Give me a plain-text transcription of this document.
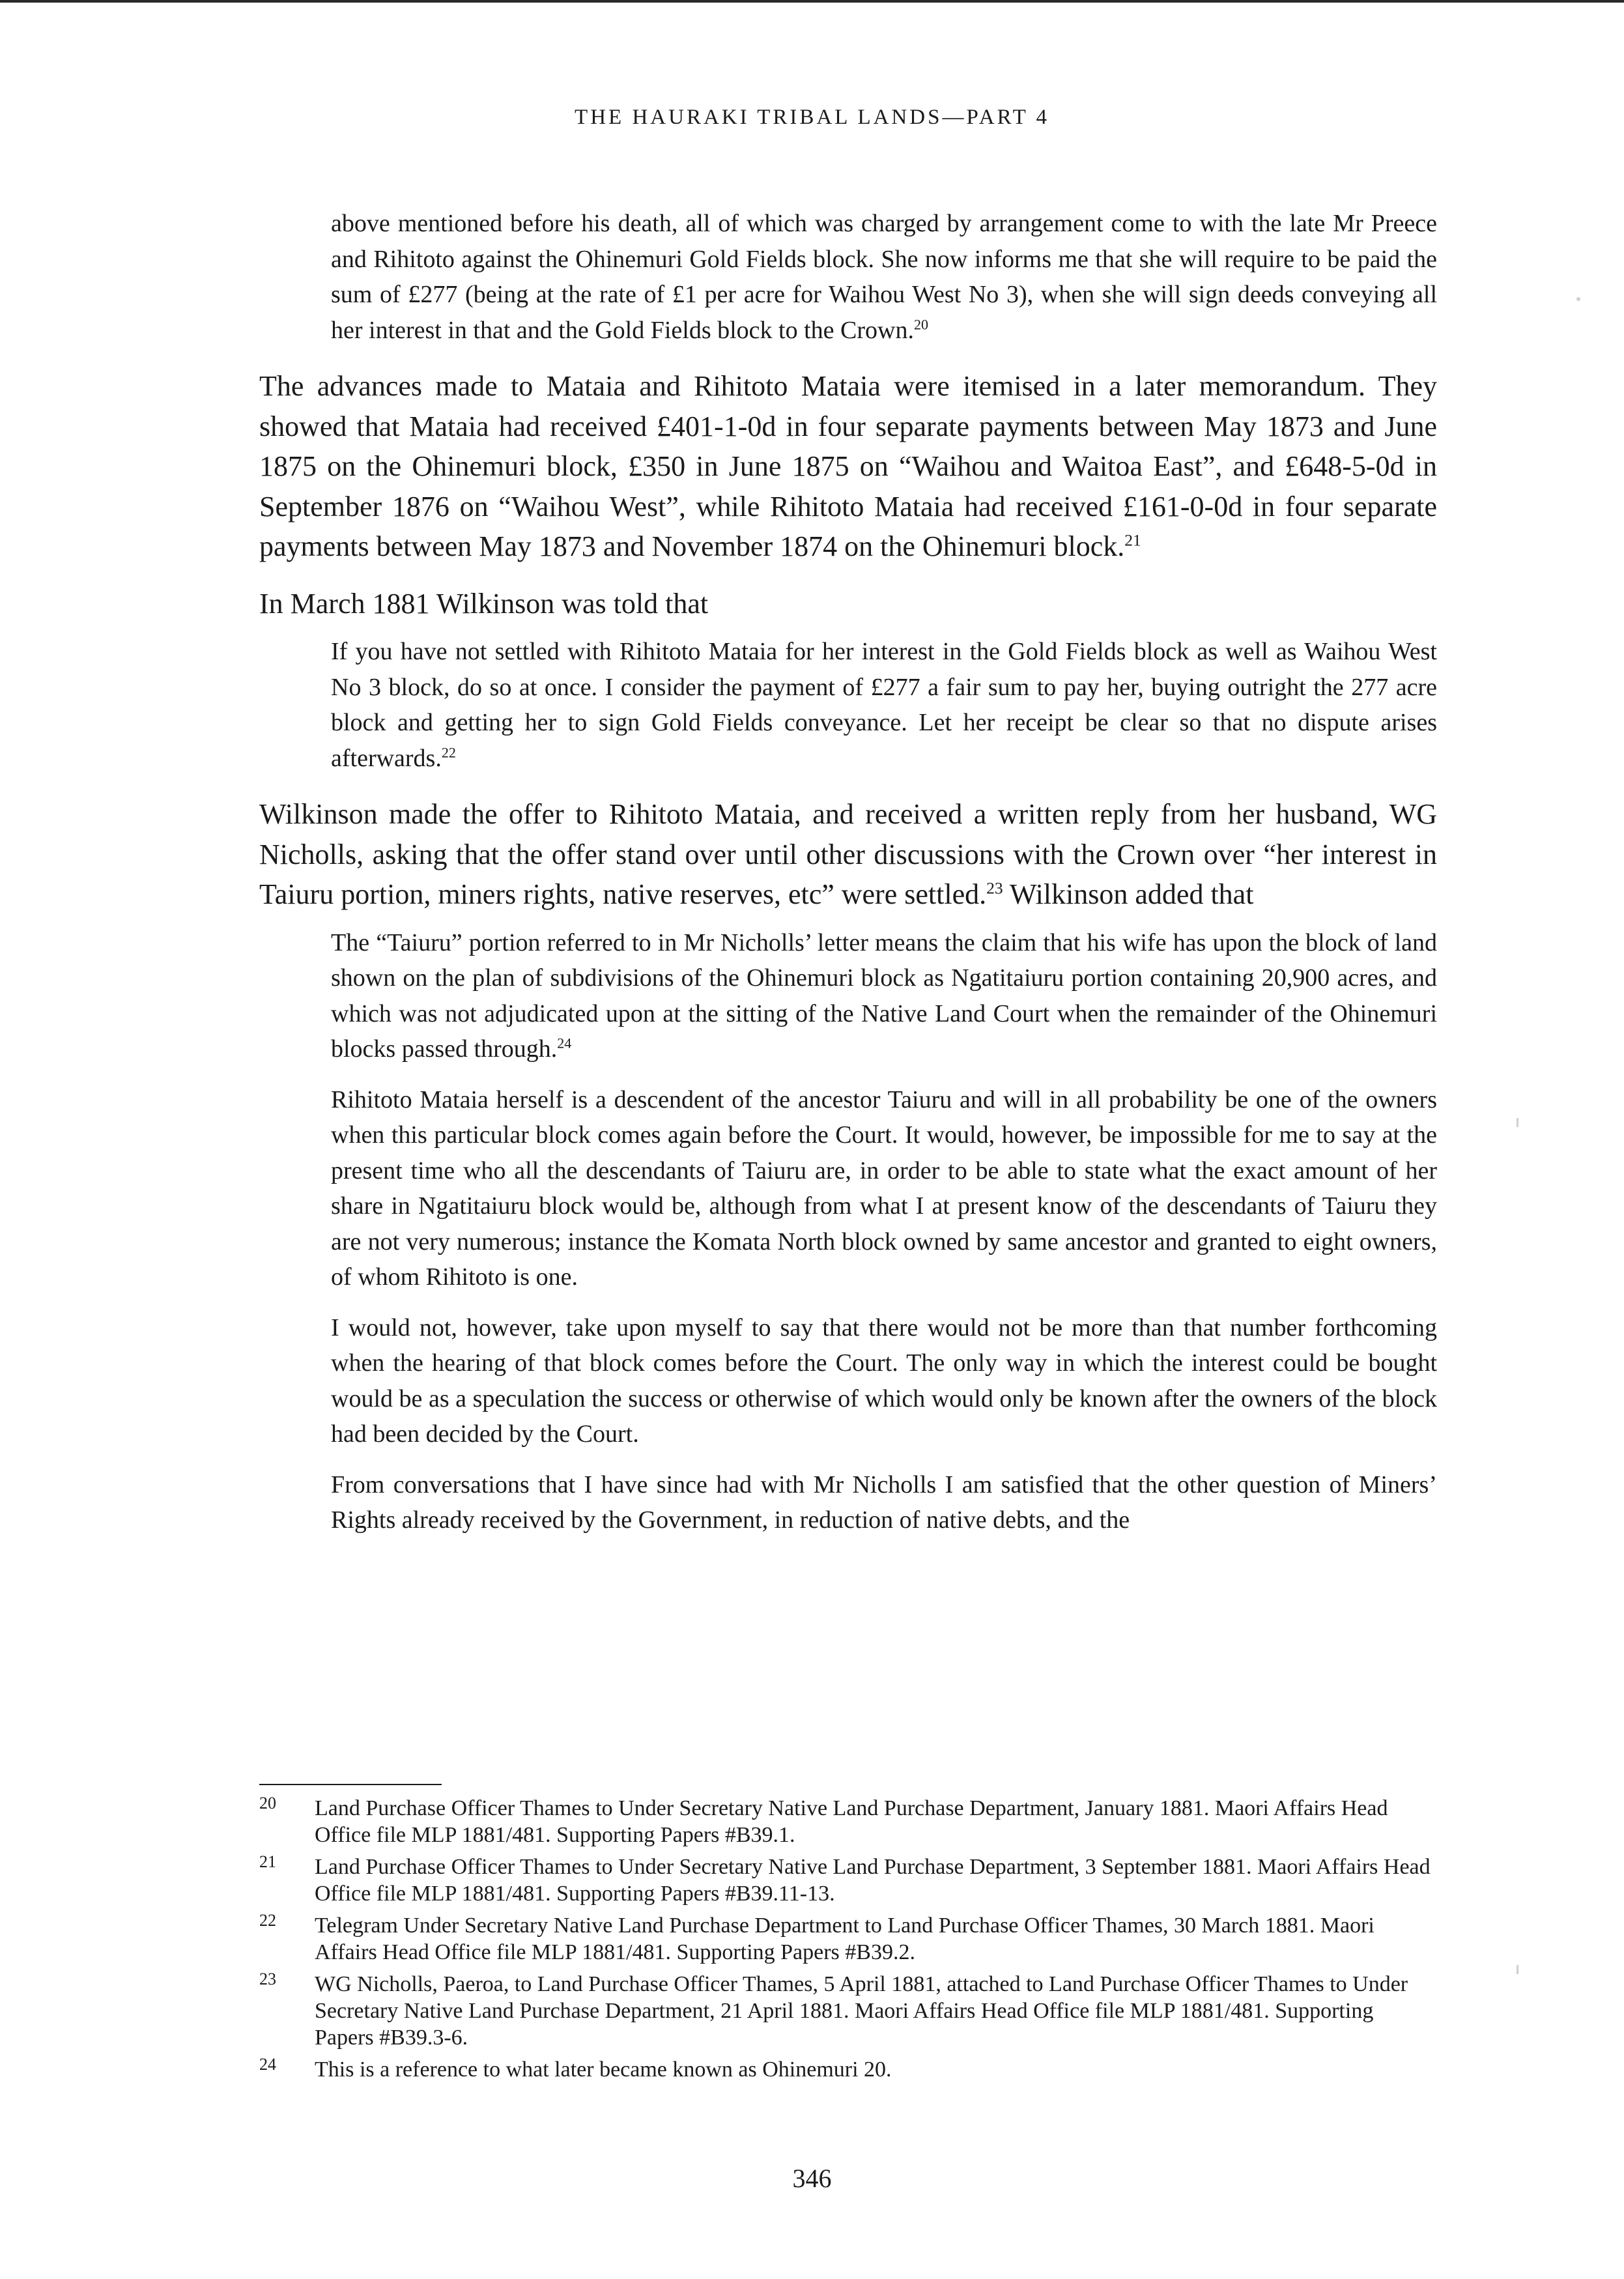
THE HAURAKI TRIBAL LANDS—PART 4

above mentioned before his death, all of which was charged by arrangement come to with the late Mr Preece and Rihitoto against the Ohinemuri Gold Fields block. She now informs me that she will require to be paid the sum of £277 (being at the rate of £1 per acre for Waihou West No 3), when she will sign deeds conveying all her interest in that and the Gold Fields block to the Crown.$^{20}$

The advances made to Mataia and Rihitoto Mataia were itemised in a later memorandum. They showed that Mataia had received £401-1-0d in four separate payments between May 1873 and June 1875 on the Ohinemuri block, £350 in June 1875 on “Waihou and Waitoa East”, and £648-5-0d in September 1876 on “Waihou West”, while Rihitoto Mataia had received £161-0-0d in four separate payments between May 1873 and November 1874 on the Ohinemuri block.$^{21}$

In March 1881 Wilkinson was told that

If you have not settled with Rihitoto Mataia for her interest in the Gold Fields block as well as Waihou West No 3 block, do so at once. I consider the payment of £277 a fair sum to pay her, buying outright the 277 acre block and getting her to sign Gold Fields conveyance. Let her receipt be clear so that no dispute arises afterwards.$^{22}$

Wilkinson made the offer to Rihitoto Mataia, and received a written reply from her husband, WG Nicholls, asking that the offer stand over until other discussions with the Crown over “her interest in Taiuru portion, miners rights, native reserves, etc” were settled.$^{23}$ Wilkinson added that

The “Taiuru” portion referred to in Mr Nicholls’ letter means the claim that his wife has upon the block of land shown on the plan of subdivisions of the Ohinemuri block as Ngatitaiuru portion containing 20,900 acres, and which was not adjudicated upon at the sitting of the Native Land Court when the remainder of the Ohinemuri blocks passed through.$^{24}$

Rihitoto Mataia herself is a descendent of the ancestor Taiuru and will in all probability be one of the owners when this particular block comes again before the Court. It would, however, be impossible for me to say at the present time who all the descendants of Taiuru are, in order to be able to state what the exact amount of her share in Ngatitaiuru block would be, although from what I at present know of the descendants of Taiuru they are not very numerous; instance the Komata North block owned by same ancestor and granted to eight owners, of whom Rihitoto is one.

I would not, however, take upon myself to say that there would not be more than that number forthcoming when the hearing of that block comes before the Court. The only way in which the interest could be bought would be as a speculation the success or otherwise of which would only be known after the owners of the block had been decided by the Court.

From conversations that I have since had with Mr Nicholls I am satisfied that the other question of Miners’ Rights already received by the Government, in reduction of native debts, and the

20 Land Purchase Officer Thames to Under Secretary Native Land Purchase Department, January 1881. Maori Affairs Head Office file MLP 1881/481. Supporting Papers #B39.1.
21 Land Purchase Officer Thames to Under Secretary Native Land Purchase Department, 3 September 1881. Maori Affairs Head Office file MLP 1881/481. Supporting Papers #B39.11-13.
22 Telegram Under Secretary Native Land Purchase Department to Land Purchase Officer Thames, 30 March 1881. Maori Affairs Head Office file MLP 1881/481. Supporting Papers #B39.2.
23 WG Nicholls, Paeroa, to Land Purchase Officer Thames, 5 April 1881, attached to Land Purchase Officer Thames to Under Secretary Native Land Purchase Department, 21 April 1881. Maori Affairs Head Office file MLP 1881/481. Supporting Papers #B39.3-6.
24 This is a reference to what later became known as Ohinemuri 20.
346
